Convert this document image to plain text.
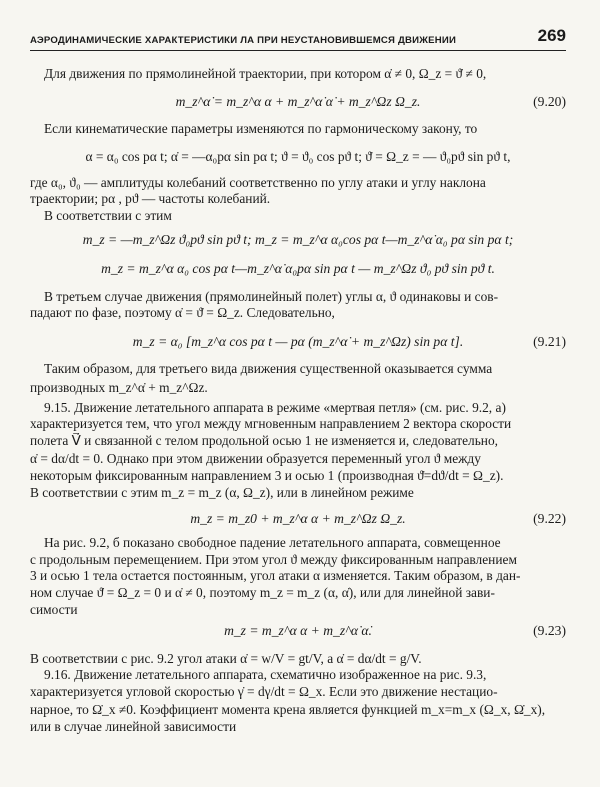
АЭРОДИНАМИЧЕСКИЕ ХАРАКТЕРИСТИКИ ЛА ПРИ НЕУСТАНОВИВШЕМСЯ ДВИЖЕНИИ	269
Для движения по прямолинейной траектории, при котором α̇ ≠ 0, Ω_z = ϑ̇ ≠ 0,
m_z^α̇ = m_z^α α + m_z^α̇ α̇ + m_z^Ωz Ω_z.	(9.20)
Если кинематические параметры изменяются по гармоническому закону, то
α = α₀ cos pα t; α̇ = —α₀pα sin pα t; ϑ = ϑ₀ cos pϑ t; ϑ̇ = Ω_z = — ϑ₀pϑ sin pϑ t,
где α₀, ϑ₀ — амплитуды колебаний соответственно по углу атаки и углу наклона
траектории; pα , pϑ — частоты колебаний.
В соответствии с этим
m_z = —m_z^Ωz ϑ₀pϑ sin pϑ t; m_z = m_z^α α₀cos pα t—m_z^α̇ α₀ pα sin pα t;
m_z = m_z^α α₀ cos pα t—m_z^α̇ α₀pα sin pα t — m_z^Ωz ϑ₀ pϑ sin pϑ t.
В третьем случае движения (прямолинейный полет) углы α, ϑ одинаковы и сов-
падают по фазе, поэтому α̇ = ϑ̇ = Ω_z. Следовательно,
m_z = α₀ [m_z^α cos pα t — pα (m_z^α̇ + m_z^Ωz) sin pα t].	(9.21)
Таким образом, для третьего вида движения существенной оказывается сумма
производных m_z^α̇ + m_z^Ωz.
9.15. Движение летательного аппарата в режиме «мертвая петля» (см. рис. 9.2, а)
характеризуется тем, что угол между мгновенным направлением 2 вектора скорости
полета V⃗ и связанной с телом продольной осью 1 не изменяется и, следовательно,
α̇ = dα/dt = 0. Однако при этом движении образуется переменный угол ϑ между
некоторым фиксированным направлением 3 и осью 1 (производная ϑ̇=dϑ/dt = Ω_z).
В соответствии с этим m_z = m_z (α, Ω_z), или в линейном режиме
m_z = m_z0 + m_z^α α + m_z^Ωz Ω_z.	(9.22)
На рис. 9.2, б показано свободное падение летательного аппарата, совмещенное
с продольным перемещением. При этом угол ϑ между фиксированным направлением
3 и осью 1 тела остается постоянным, угол атаки α изменяется. Таким образом, в дан-
ном случае ϑ̇ = Ω_z = 0 и α̇ ≠ 0, поэтому m_z = m_z (α, α̇), или для линейной зави-
симости
m_z = m_z^α α + m_z^α̇ α̇.	(9.23)
В соответствии с рис. 9.2 угол атаки α̇ = w/V = gt/V, а α̇ = dα/dt = g/V.
9.16. Движение летательного аппарата, схематично изображенное на рис. 9.3,
характеризуется угловой скоростью γ̇ = dγ/dt = Ω_x. Если это движение нестацио-
нарное, то Ω̇_x ≠0. Коэффициент момента крена является функцией m_x=m_x (Ω_x, Ω̇_x),
или в случае линейной зависимости
